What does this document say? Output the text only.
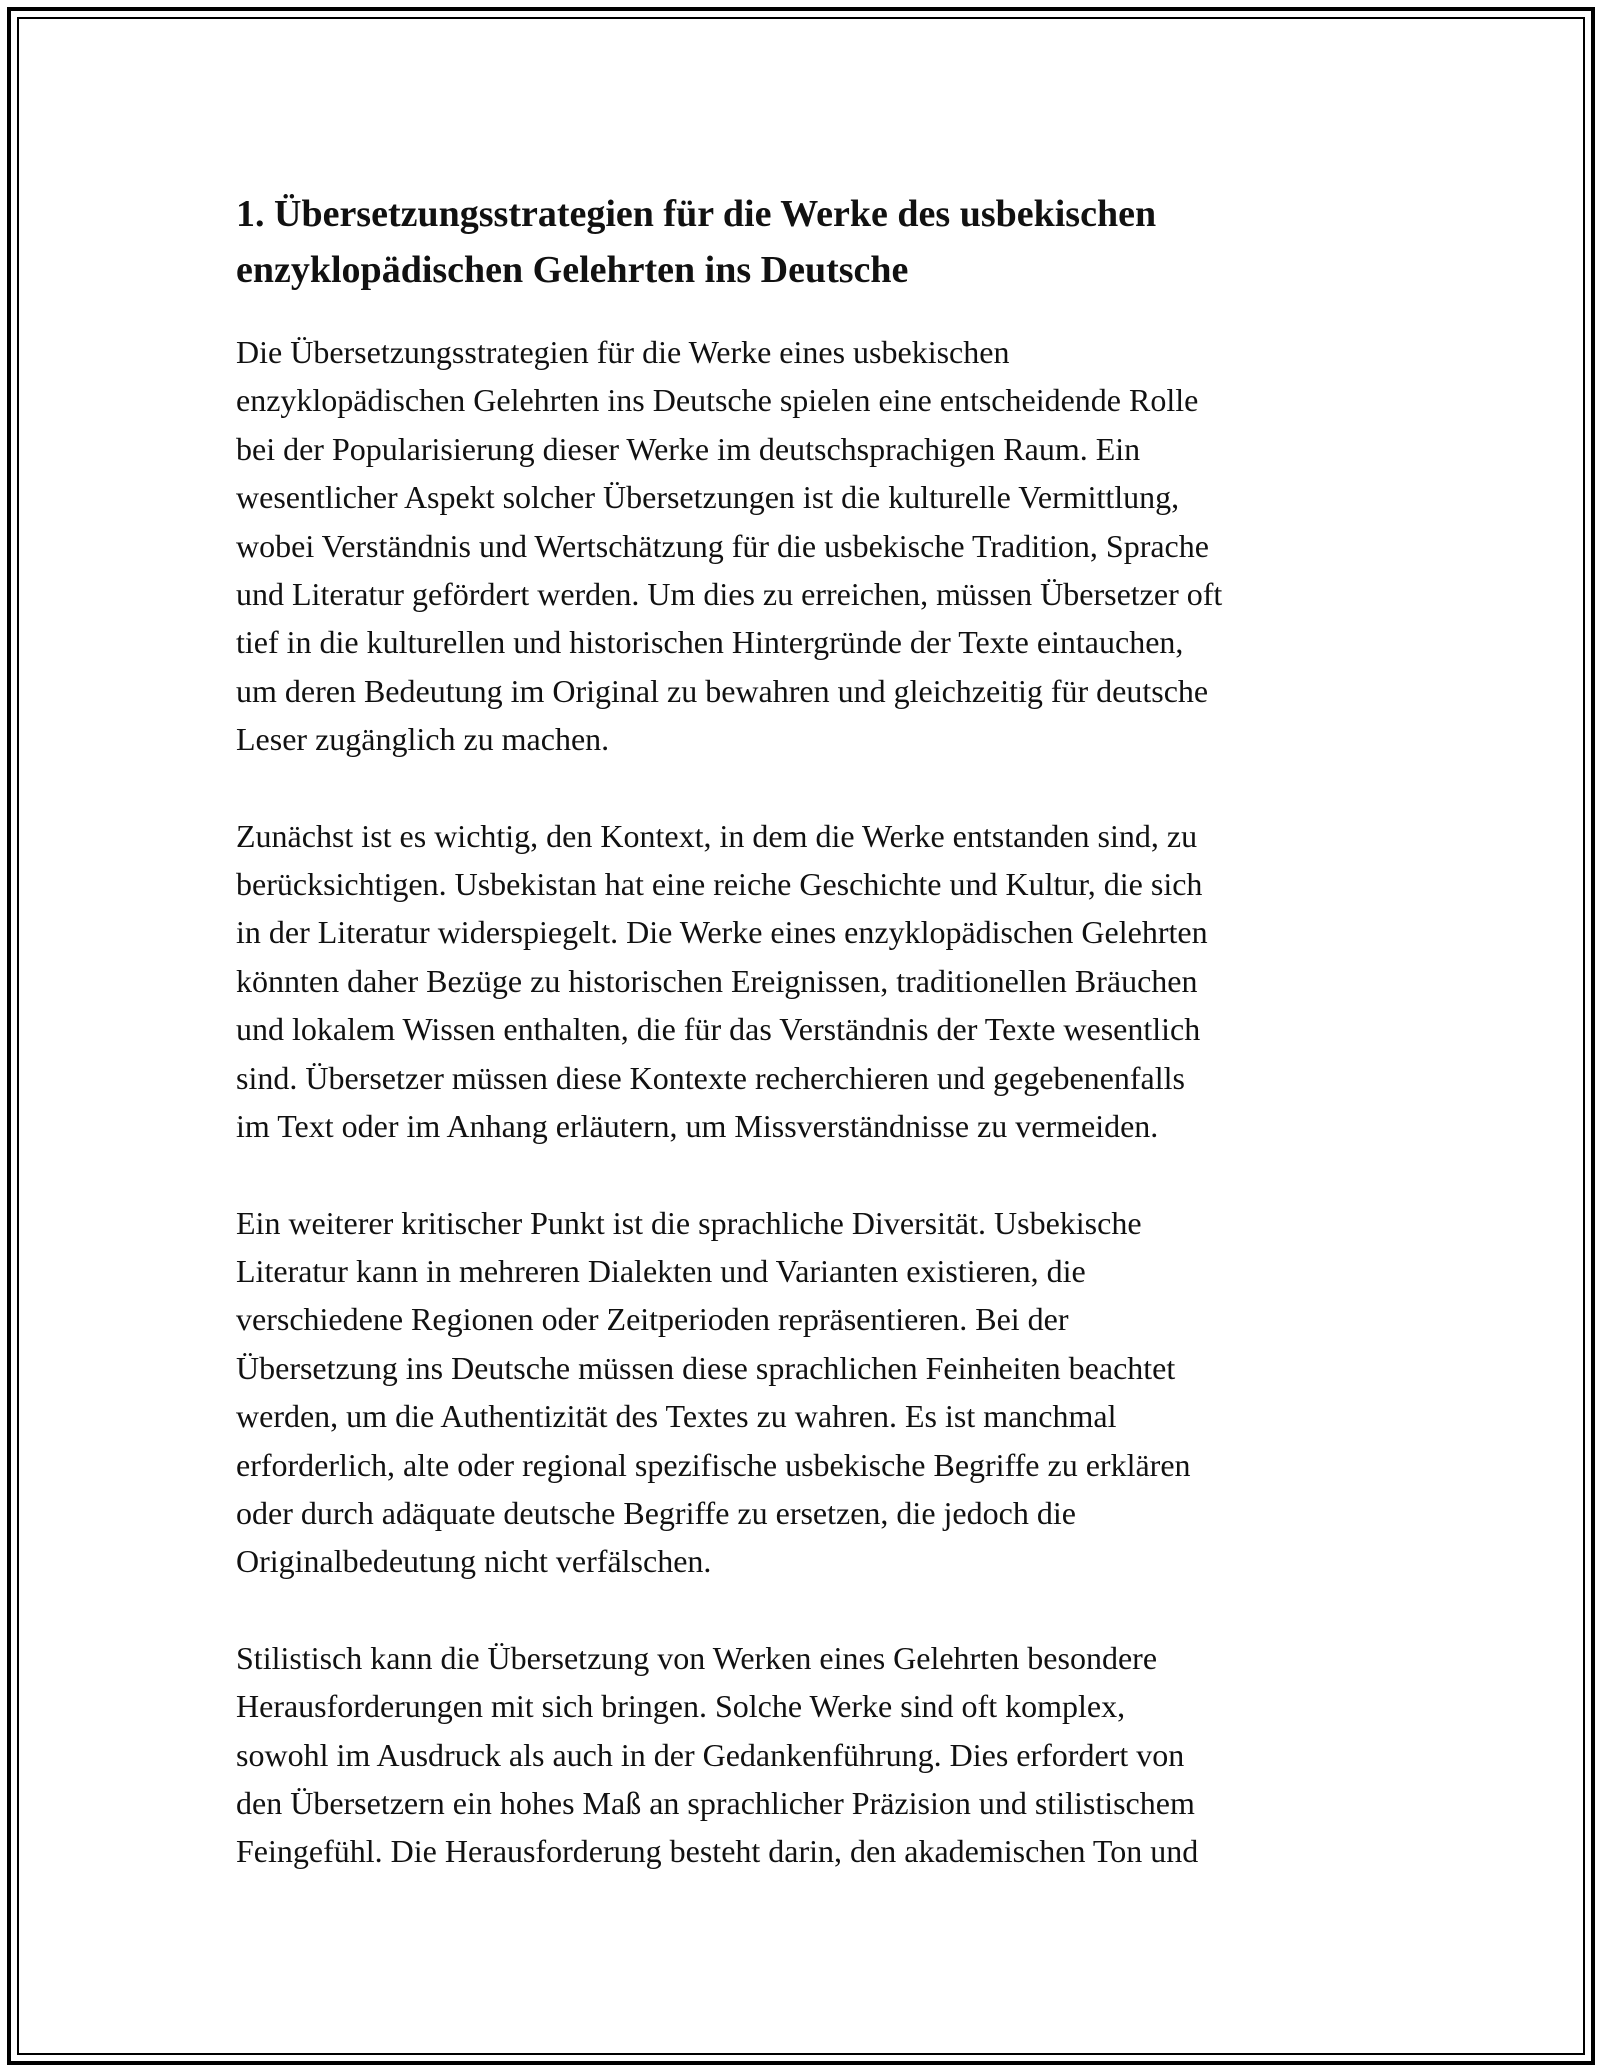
1. Übersetzungsstrategien für die Werke des usbekischen
enzyklopädischen Gelehrten ins Deutsche

Die Übersetzungsstrategien für die Werke eines usbekischen
enzyklopädischen Gelehrten ins Deutsche spielen eine entscheidende Rolle
bei der Popularisierung dieser Werke im deutschsprachigen Raum. Ein
wesentlicher Aspekt solcher Übersetzungen ist die kulturelle Vermittlung,
wobei Verständnis und Wertschätzung für die usbekische Tradition, Sprache
und Literatur gefördert werden. Um dies zu erreichen, müssen Übersetzer oft
tief in die kulturellen und historischen Hintergründe der Texte eintauchen,
um deren Bedeutung im Original zu bewahren und gleichzeitig für deutsche
Leser zugänglich zu machen.

Zunächst ist es wichtig, den Kontext, in dem die Werke entstanden sind, zu
berücksichtigen. Usbekistan hat eine reiche Geschichte und Kultur, die sich
in der Literatur widerspiegelt. Die Werke eines enzyklopädischen Gelehrten
könnten daher Bezüge zu historischen Ereignissen, traditionellen Bräuchen
und lokalem Wissen enthalten, die für das Verständnis der Texte wesentlich
sind. Übersetzer müssen diese Kontexte recherchieren und gegebenenfalls
im Text oder im Anhang erläutern, um Missverständnisse zu vermeiden.

Ein weiterer kritischer Punkt ist die sprachliche Diversität. Usbekische
Literatur kann in mehreren Dialekten und Varianten existieren, die
verschiedene Regionen oder Zeitperioden repräsentieren. Bei der
Übersetzung ins Deutsche müssen diese sprachlichen Feinheiten beachtet
werden, um die Authentizität des Textes zu wahren. Es ist manchmal
erforderlich, alte oder regional spezifische usbekische Begriffe zu erklären
oder durch adäquate deutsche Begriffe zu ersetzen, die jedoch die
Originalbedeutung nicht verfälschen.

Stilistisch kann die Übersetzung von Werken eines Gelehrten besondere
Herausforderungen mit sich bringen. Solche Werke sind oft komplex,
sowohl im Ausdruck als auch in der Gedankenführung. Dies erfordert von
den Übersetzern ein hohes Maß an sprachlicher Präzision und stilistischem
Feingefühl. Die Herausforderung besteht darin, den akademischen Ton und
